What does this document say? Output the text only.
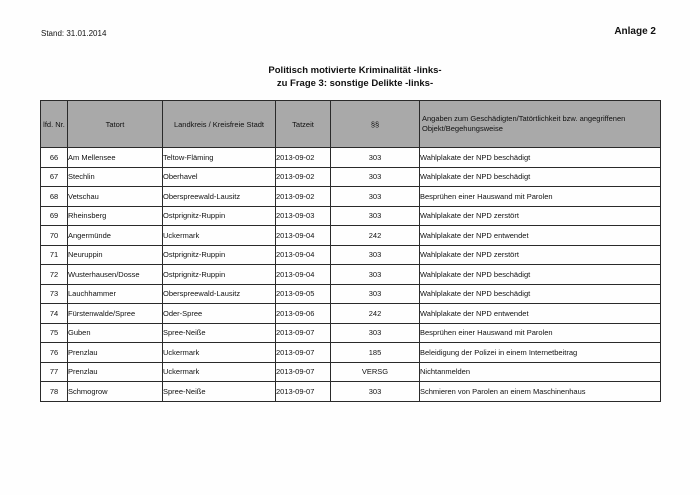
Stand: 31.01.2014	Anlage 2
Politisch motivierte Kriminalität -links-
zu Frage 3: sonstige Delikte -links-
lfd. Nr.	Tatort	Landkreis / Kreisfreie Stadt	Tatzeit	§§	Angaben zum Geschädigten/Tatörtlichkeit bzw. angegriffenen Objekt/Begehungsweise
66	Am Mellensee	Teltow-Fläming	2013-09-02	303	Wahlplakate der NPD beschädigt
67	Stechlin	Oberhavel	2013-09-02	303	Wahlplakate der NPD beschädigt
68	Vetschau	Oberspreewald-Lausitz	2013-09-02	303	Besprühen einer Hauswand mit Parolen
69	Rheinsberg	Ostprignitz-Ruppin	2013-09-03	303	Wahlplakate der NPD zerstört
70	Angermünde	Uckermark	2013-09-04	242	Wahlplakate der NPD entwendet
71	Neuruppin	Ostprignitz-Ruppin	2013-09-04	303	Wahlplakate der NPD zerstört
72	Wusterhausen/Dosse	Ostprignitz-Ruppin	2013-09-04	303	Wahlplakate der NPD beschädigt
73	Lauchhammer	Oberspreewald-Lausitz	2013-09-05	303	Wahlplakate der NPD beschädigt
74	Fürstenwalde/Spree	Oder-Spree	2013-09-06	242	Wahlplakate der NPD entwendet
75	Guben	Spree-Neiße	2013-09-07	303	Besprühen einer Hauswand mit Parolen
76	Prenzlau	Uckermark	2013-09-07	185	Beleidigung der Polizei in einem Internetbeitrag
77	Prenzlau	Uckermark	2013-09-07	VERSG	Nichtanmelden
78	Schmogrow	Spree-Neiße	2013-09-07	303	Schmieren von Parolen an einem Maschinenhaus
